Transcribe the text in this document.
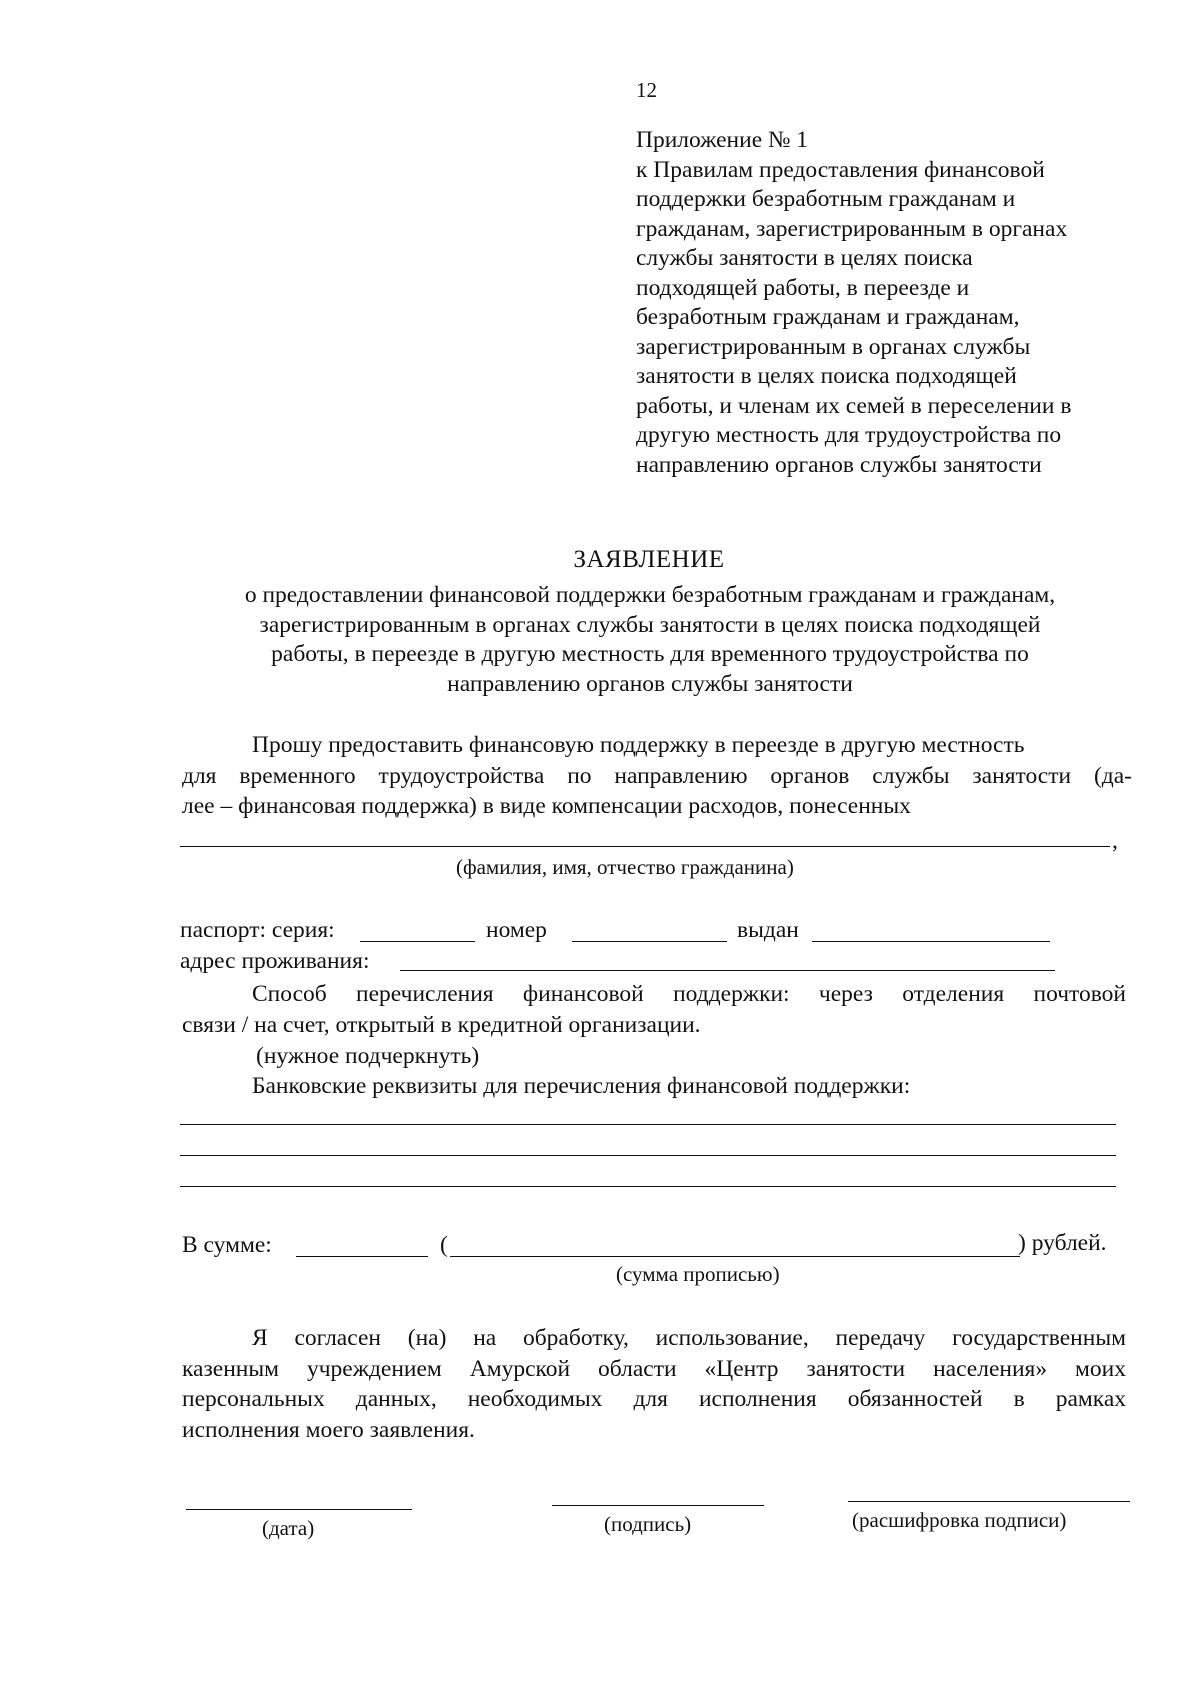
12
Приложение № 1
к Правилам предоставления финансовой
поддержки безработным гражданам и
гражданам, зарегистрированным в органах
службы занятости в целях поиска
подходящей работы, в переезде и
безработным гражданам и гражданам,
зарегистрированным в органах службы
занятости в целях поиска подходящей
работы, и членам их семей в переселении в
другую местность для трудоустройства по
направлению органов службы занятости
ЗАЯВЛЕНИЕ
о предоставлении финансовой поддержки безработным гражданам и гражданам,
зарегистрированным в органах службы занятости в целях поиска подходящей
работы, в переезде в другую местность для временного трудоустройства по
направлению органов службы занятости
Прошу предоставить финансовую поддержку в переезде в другую местность
для временного трудоустройства по направлению органов службы занятости (да-
лее – финансовая поддержка) в виде компенсации расходов, понесенных
,
(фамилия, имя, отчество гражданина)
паспорт: серия:	номер	выдан
адрес проживания:
Способ перечисления финансовой поддержки: через отделения почтовой
связи / на счет, открытый в кредитной организации.
(нужное подчеркнуть)
Банковские реквизиты для перечисления финансовой поддержки:
В сумме:	(	) рублей.
(сумма прописью)
Я согласен (на) на обработку, использование, передачу государственным
казенным учреждением Амурской области «Центр занятости населения» моих
персональных данных, необходимых для исполнения обязанностей в рамках
исполнения моего заявления.
(дата)	(подпись)	(расшифровка подписи)
